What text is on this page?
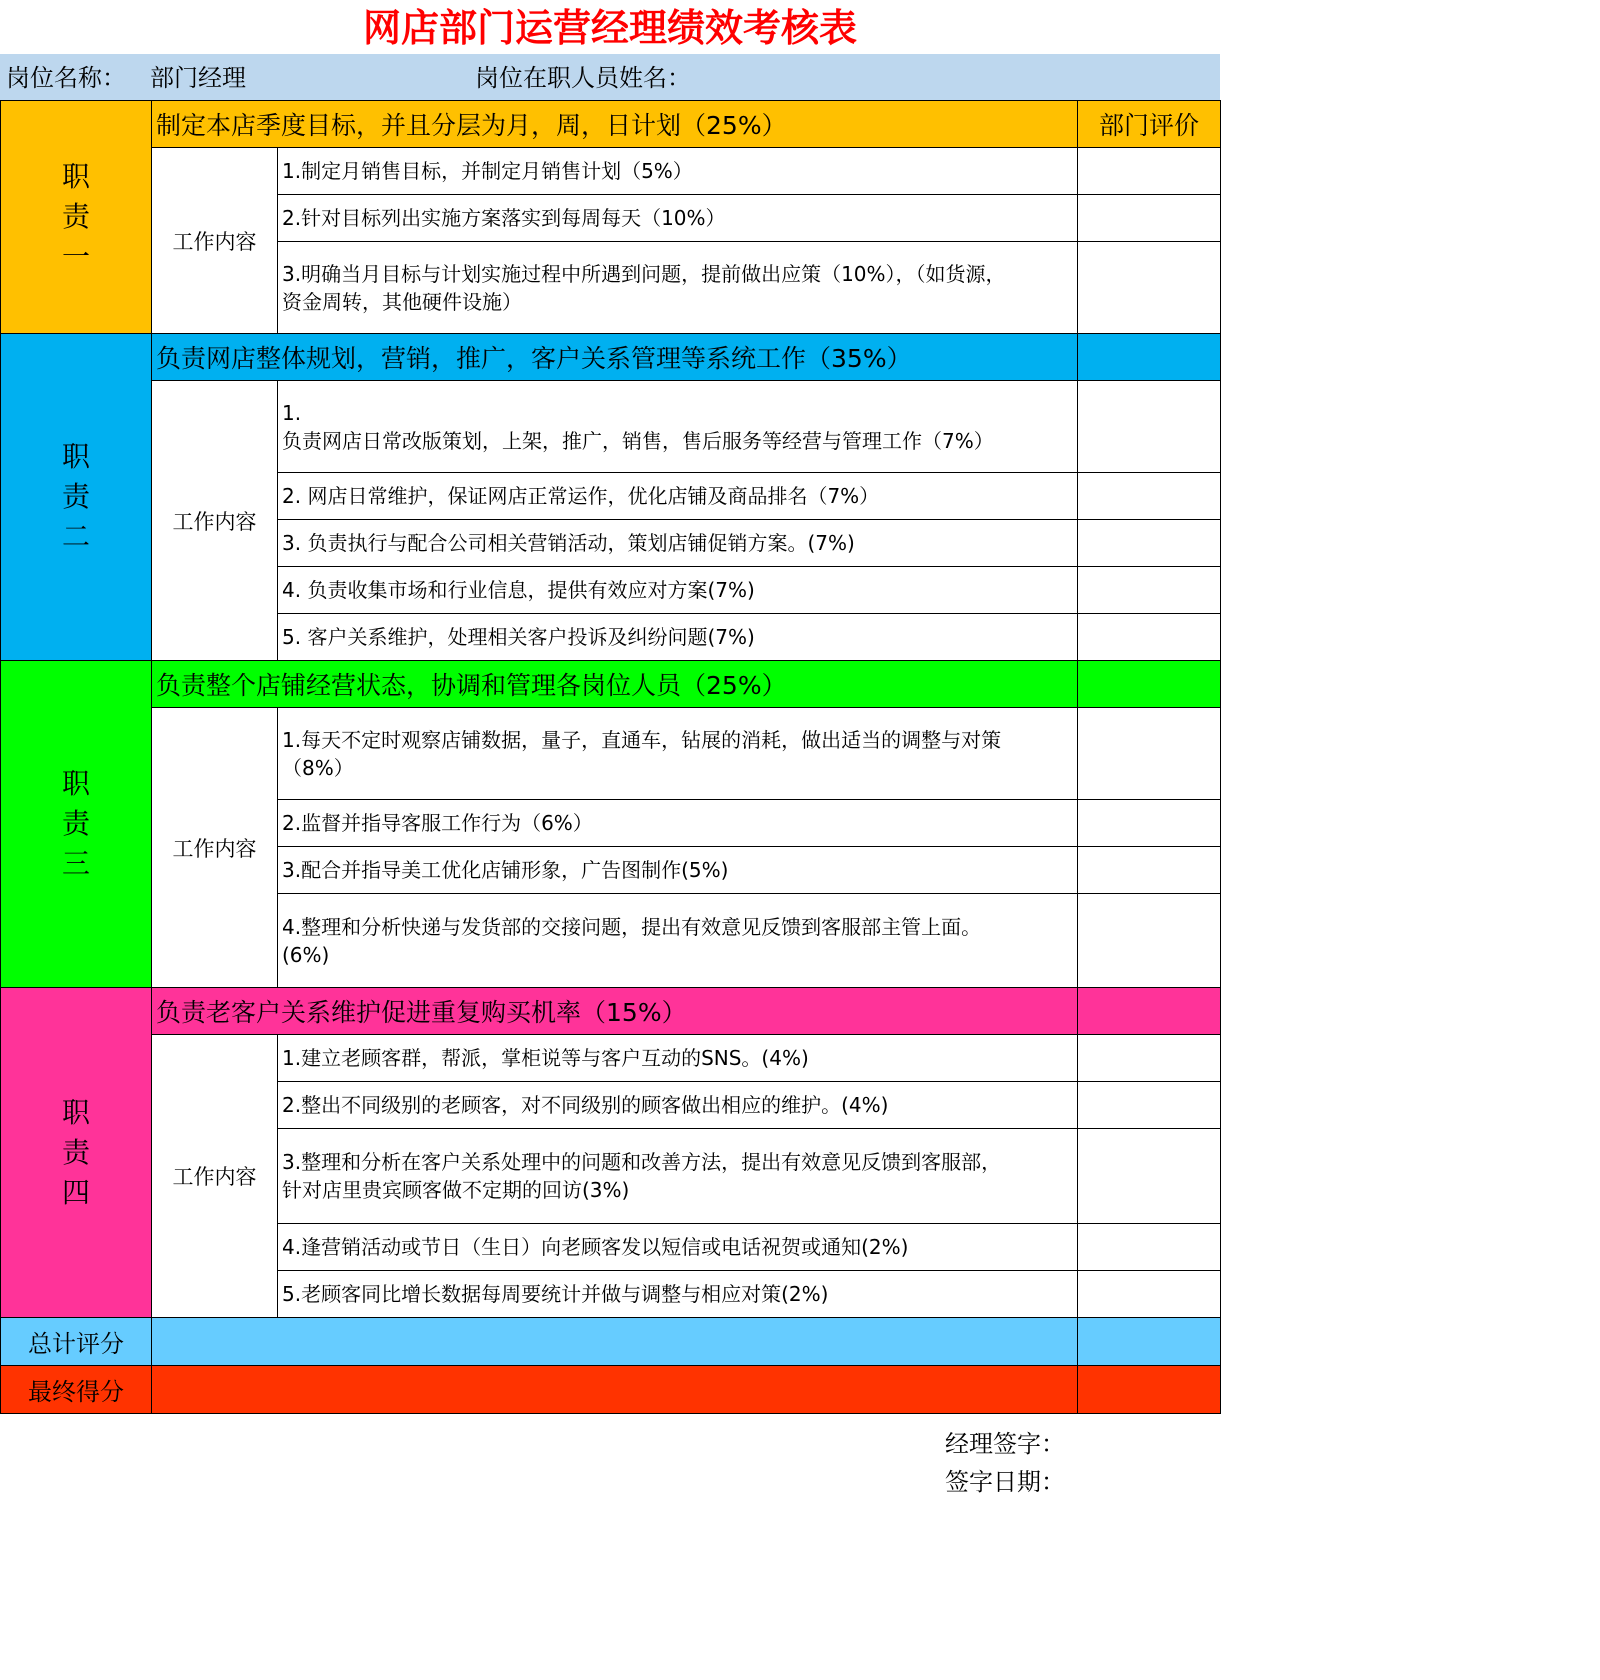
网店部门运营经理绩效考核表
岗位名称： 部门经理	岗位在职人员姓名：
职责一	制定本店季度目标，并且分层为月，周，日计划（25%）		部门评价
	工作内容	1.制定月销售目标，并制定月销售计划（5%）	
		2.针对目标列出实施方案落实到每周每天（10%）	
		3.明确当月目标与计划实施过程中所遇到问题，提前做出应策（10%），（如货源，资金周转，其他硬件设施）	
职责二	负责网店整体规划，营销，推广，客户关系管理等系统工作（35%）		
	工作内容	1.
负责网店日常改版策划，上架，推广，销售，售后服务等经营与管理工作（7%）	
		2. 网店日常维护，保证网店正常运作，优化店铺及商品排名（7%）	
		3. 负责执行与配合公司相关营销活动，策划店铺促销方案。(7%)	
		4. 负责收集市场和行业信息，提供有效应对方案(7%)	
		5. 客户关系维护，处理相关客户投诉及纠纷问题(7%)	
职责三	负责整个店铺经营状态，协调和管理各岗位人员（25%）		
	工作内容	1.每天不定时观察店铺数据，量子，直通车，钻展的消耗，做出适当的调整与对策（8%）	
		2.监督并指导客服工作行为（6%）	
		3.配合并指导美工优化店铺形象，广告图制作(5%)	
		4.整理和分析快递与发货部的交接问题，提出有效意见反馈到客服部主管上面。(6%)	
职责四	负责老客户关系维护促进重复购买机率（15%）		
	工作内容	1.建立老顾客群，帮派，掌柜说等与客户互动的SNS。(4%)	
		2.整出不同级别的老顾客，对不同级别的顾客做出相应的维护。(4%)	
		3.整理和分析在客户关系处理中的问题和改善方法，提出有效意见反馈到客服部，针对店里贵宾顾客做不定期的回访(3%)	
		4.逢营销活动或节日（生日）向老顾客发以短信或电话祝贺或通知(2%)	
		5.老顾客同比增长数据每周要统计并做与调整与相应对策(2%)	
总计评分			
最终得分			
经理签字：
签字日期：
